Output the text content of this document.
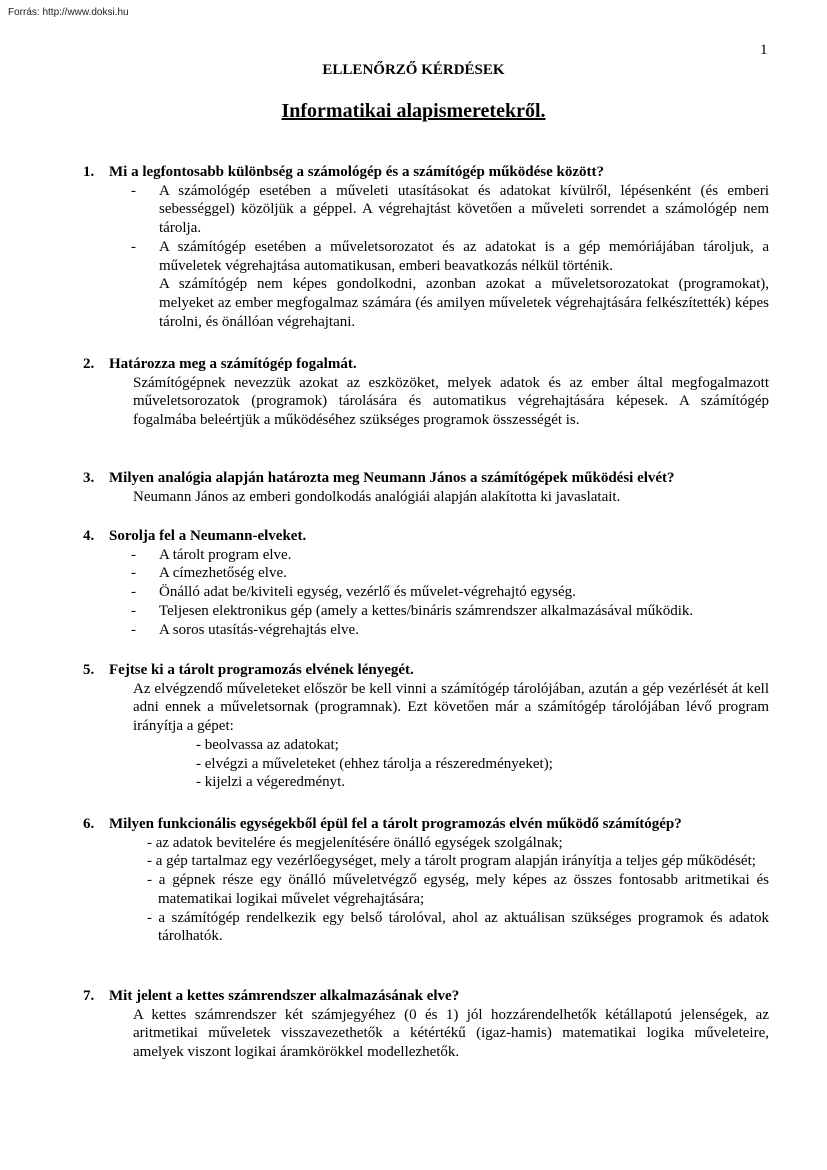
Forrás: http://www.doksi.hu
1
ELLENŐRZŐ KÉRDÉSEK
Informatikai alapismeretekről.
1. Mi a legfontosabb különbség a számológép és a számítógép működése között?
- A számológép esetében a műveleti utasításokat és adatokat kívülről, lépésenként (és emberi sebességgel) közöljük a géppel. A végrehajtást követően a műveleti sorrendet a számológép nem tárolja.
- A számítógép esetében a műveletsorozatot és az adatokat is a gép memóriájában tároljuk, a műveletek végrehajtása automatikusan, emberi beavatkozás nélkül történik.
A számítógép nem képes gondolkodni, azonban azokat a műveletsorozatokat (programokat), melyeket az ember megfogalmaz számára (és amilyen műveletek végrehajtására felkészítették) képes tárolni, és önállóan végrehajtani.
2. Határozza meg a számítógép fogalmát.
Számítógépnek nevezzük azokat az eszközöket, melyek adatok és az ember által megfogalmazott műveletsorozatok (programok) tárolására és automatikus végrehajtására képesek. A számítógép fogalmába beleértjük a működéséhez szükséges programok összességét is.
3. Milyen analógia alapján határozta meg Neumann János a számítógépek működési elvét?
Neumann János az emberi gondolkodás analógiái alapján alakította ki javaslatait.
4. Sorolja fel a Neumann-elveket.
- A tárolt program elve.
- A címezhetőség elve.
- Önálló adat be/kiviteli egység, vezérlő és művelet-végrehajtó egység.
- Teljesen elektronikus gép (amely a kettes/bináris számrendszer alkalmazásával működik.
- A soros utasítás-végrehajtás elve.
5. Fejtse ki a tárolt programozás elvének lényegét.
Az elvégzendő műveleteket először be kell vinni a számítógép tárolójában, azután a gép vezérlését át kell adni ennek a műveletsornak (programnak). Ezt követően már a számítógép tárolójában lévő program irányítja a gépet:
- beolvassa az adatokat;
- elvégzi a műveleteket (ehhez tárolja a részeredményeket);
- kijelzi a végeredményt.
6. Milyen funkcionális egységekből épül fel a tárolt programozás elvén működő számítógép?
- az adatok bevitelére és megjelenítésére önálló egységek szolgálnak;
- a gép tartalmaz egy vezérlőegységet, mely a tárolt program alapján irányítja a teljes gép működését;
- a gépnek része egy önálló műveletvégző egység, mely képes az összes fontosabb aritmetikai és matematikai logikai művelet végrehajtására;
- a számítógép rendelkezik egy belső tárolóval, ahol az aktuálisan szükséges programok és adatok tárolhatók.
7. Mit jelent a kettes számrendszer alkalmazásának elve?
A kettes számrendszer két számjegyéhez (0 és 1) jól hozzárendelhetők kétállapotú jelenségek, az aritmetikai műveletek visszavezethetők a kétértékű (igaz-hamis) matematikai logika műveleteire, amelyek viszont logikai áramkörökkel modellezhetők.
